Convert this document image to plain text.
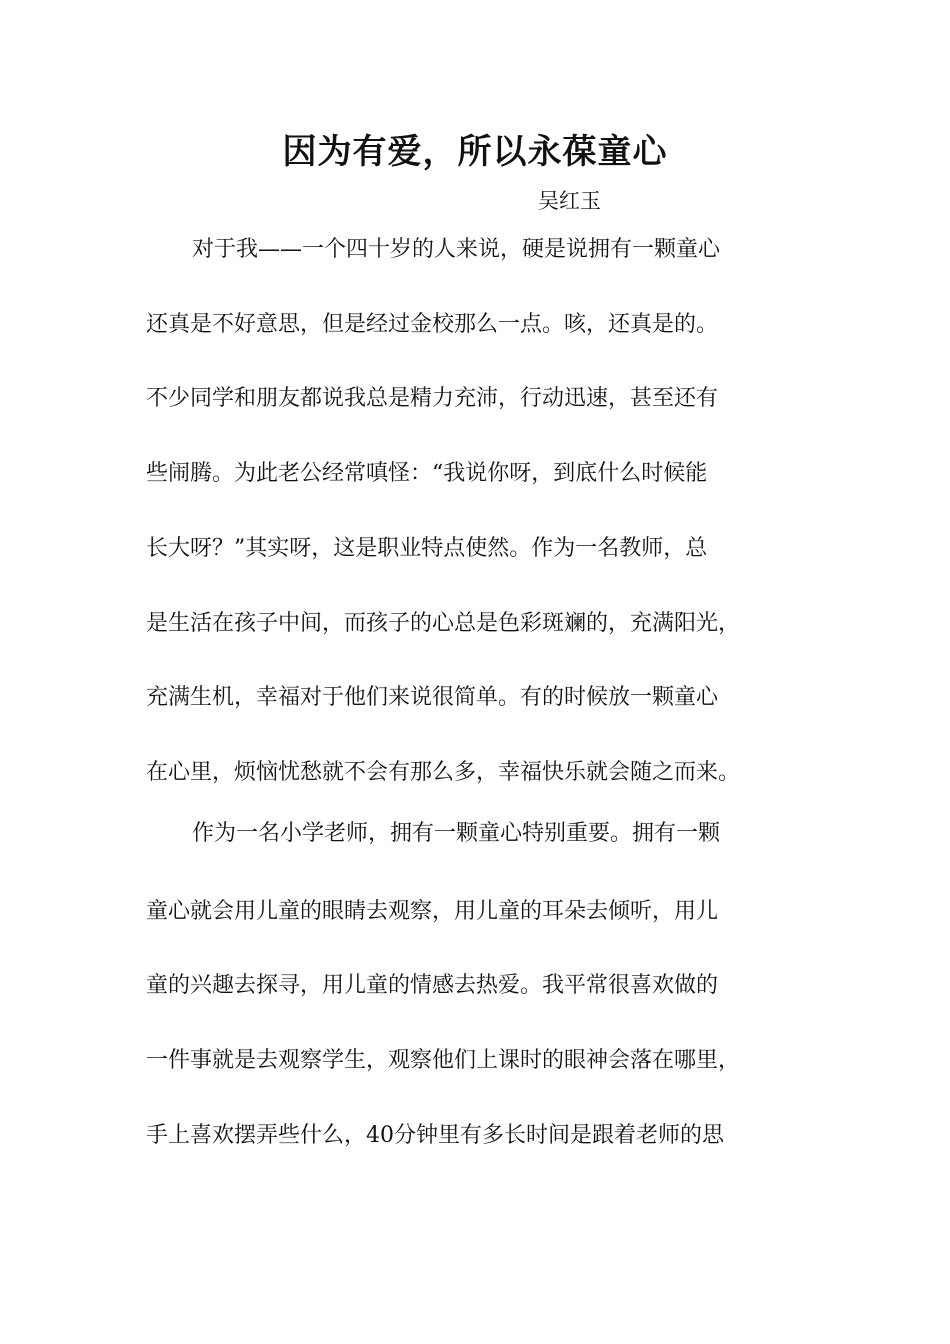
因为有爱，所以永葆童心

吴红玉

对于我——一个四十岁的人来说，硬是说拥有一颗童心

还真是不好意思，但是经过金校那么一点。咳，还真是的。

不少同学和朋友都说我总是精力充沛，行动迅速，甚至还有

些闹腾。为此老公经常嗔怪：“我说你呀，到底什么时候能

长大呀？”其实呀，这是职业特点使然。作为一名教师，总

是生活在孩子中间，而孩子的心总是色彩斑斓的，充满阳光，

充满生机，幸福对于他们来说很简单。有的时候放一颗童心

在心里，烦恼忧愁就不会有那么多，幸福快乐就会随之而来。

作为一名小学老师，拥有一颗童心特别重要。拥有一颗

童心就会用儿童的眼睛去观察，用儿童的耳朵去倾听，用儿

童的兴趣去探寻，用儿童的情感去热爱。我平常很喜欢做的

一件事就是去观察学生，观察他们上课时的眼神会落在哪里，

手上喜欢摆弄些什么，40分钟里有多长时间是跟着老师的思
